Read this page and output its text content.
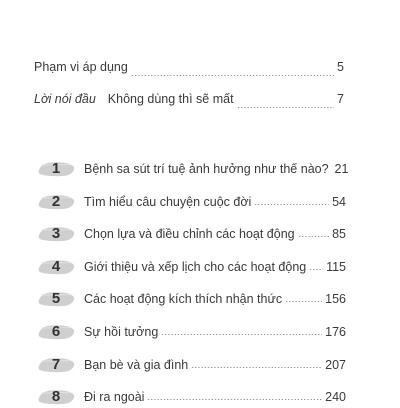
Phạm vi áp dụng	5
Lời nói đầu Không dùng thì sẽ mất	7
1	Bệnh sa sút trí tuệ ảnh hưởng như thế nào? 21
2	Tìm hiểu câu chuyện cuộc đời	54
3	Chọn lựa và điều chỉnh các hoạt động	85
4	Giới thiệu và xếp lịch cho các hoạt động 115
5	Các hoạt động kích thích nhận thức	156
6	Sự hồi tưởng	176
7	Bạn bè và gia đình	207
8	Đi ra ngoài	240
